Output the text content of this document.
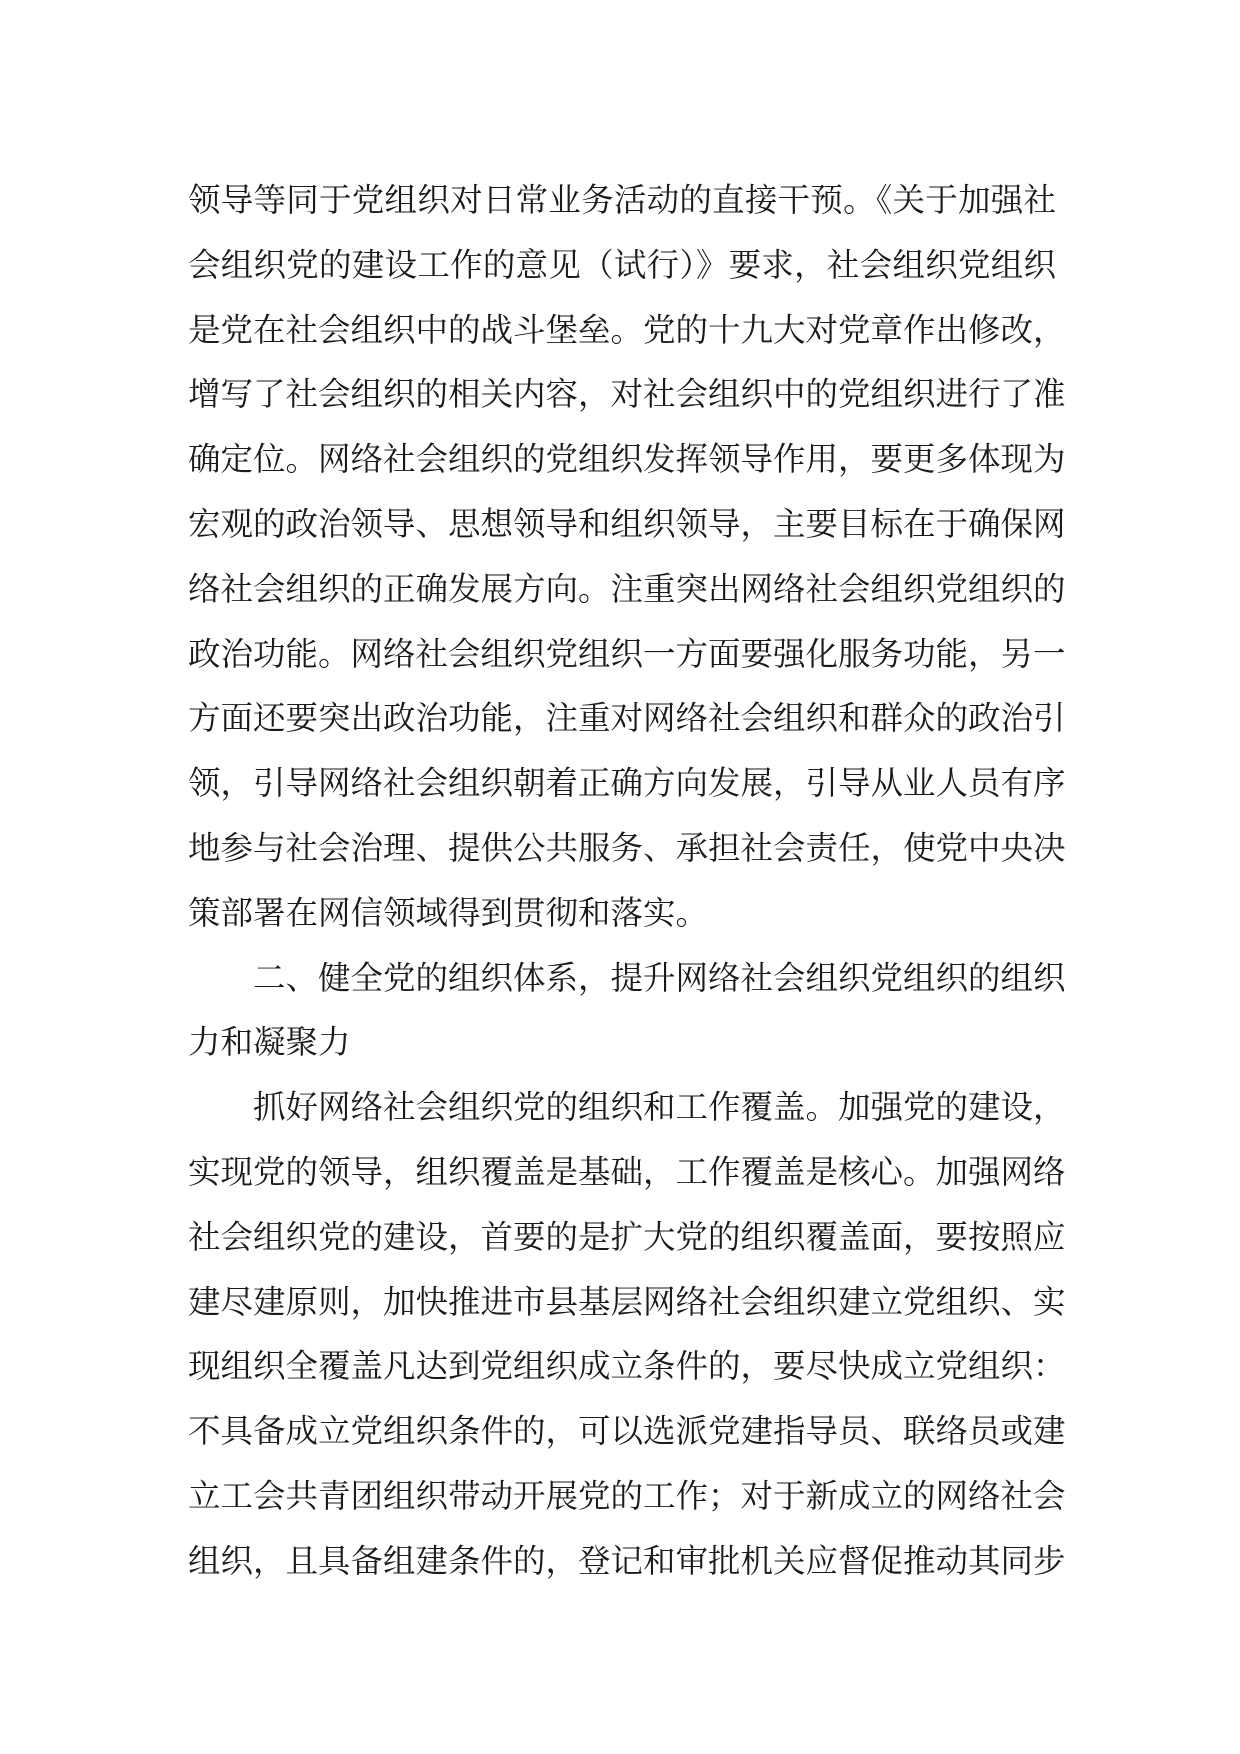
领导等同于党组织对日常业务活动的直接干预。《关于加强社
会组织党的建设工作的意见（试行）》要求，社会组织党组织
是党在社会组织中的战斗堡垒。党的十九大对党章作出修改，
增写了社会组织的相关内容，对社会组织中的党组织进行了准
确定位。网络社会组织的党组织发挥领导作用，要更多体现为
宏观的政治领导、思想领导和组织领导，主要目标在于确保网
络社会组织的正确发展方向。注重突出网络社会组织党组织的
政治功能。网络社会组织党组织一方面要强化服务功能，另一
方面还要突出政治功能，注重对网络社会组织和群众的政治引
领，引导网络社会组织朝着正确方向发展，引导从业人员有序
地参与社会治理、提供公共服务、承担社会责任，使党中央决
策部署在网信领域得到贯彻和落实。
二、健全党的组织体系，提升网络社会组织党组织的组织
力和凝聚力
抓好网络社会组织党的组织和工作覆盖。加强党的建设，
实现党的领导，组织覆盖是基础，工作覆盖是核心。加强网络
社会组织党的建设，首要的是扩大党的组织覆盖面，要按照应
建尽建原则，加快推进市县基层网络社会组织建立党组织、实
现组织全覆盖凡达到党组织成立条件的，要尽快成立党组织：
不具备成立党组织条件的，可以选派党建指导员、联络员或建
立工会共青团组织带动开展党的工作；对于新成立的网络社会
组织，且具备组建条件的，登记和审批机关应督促推动其同步
